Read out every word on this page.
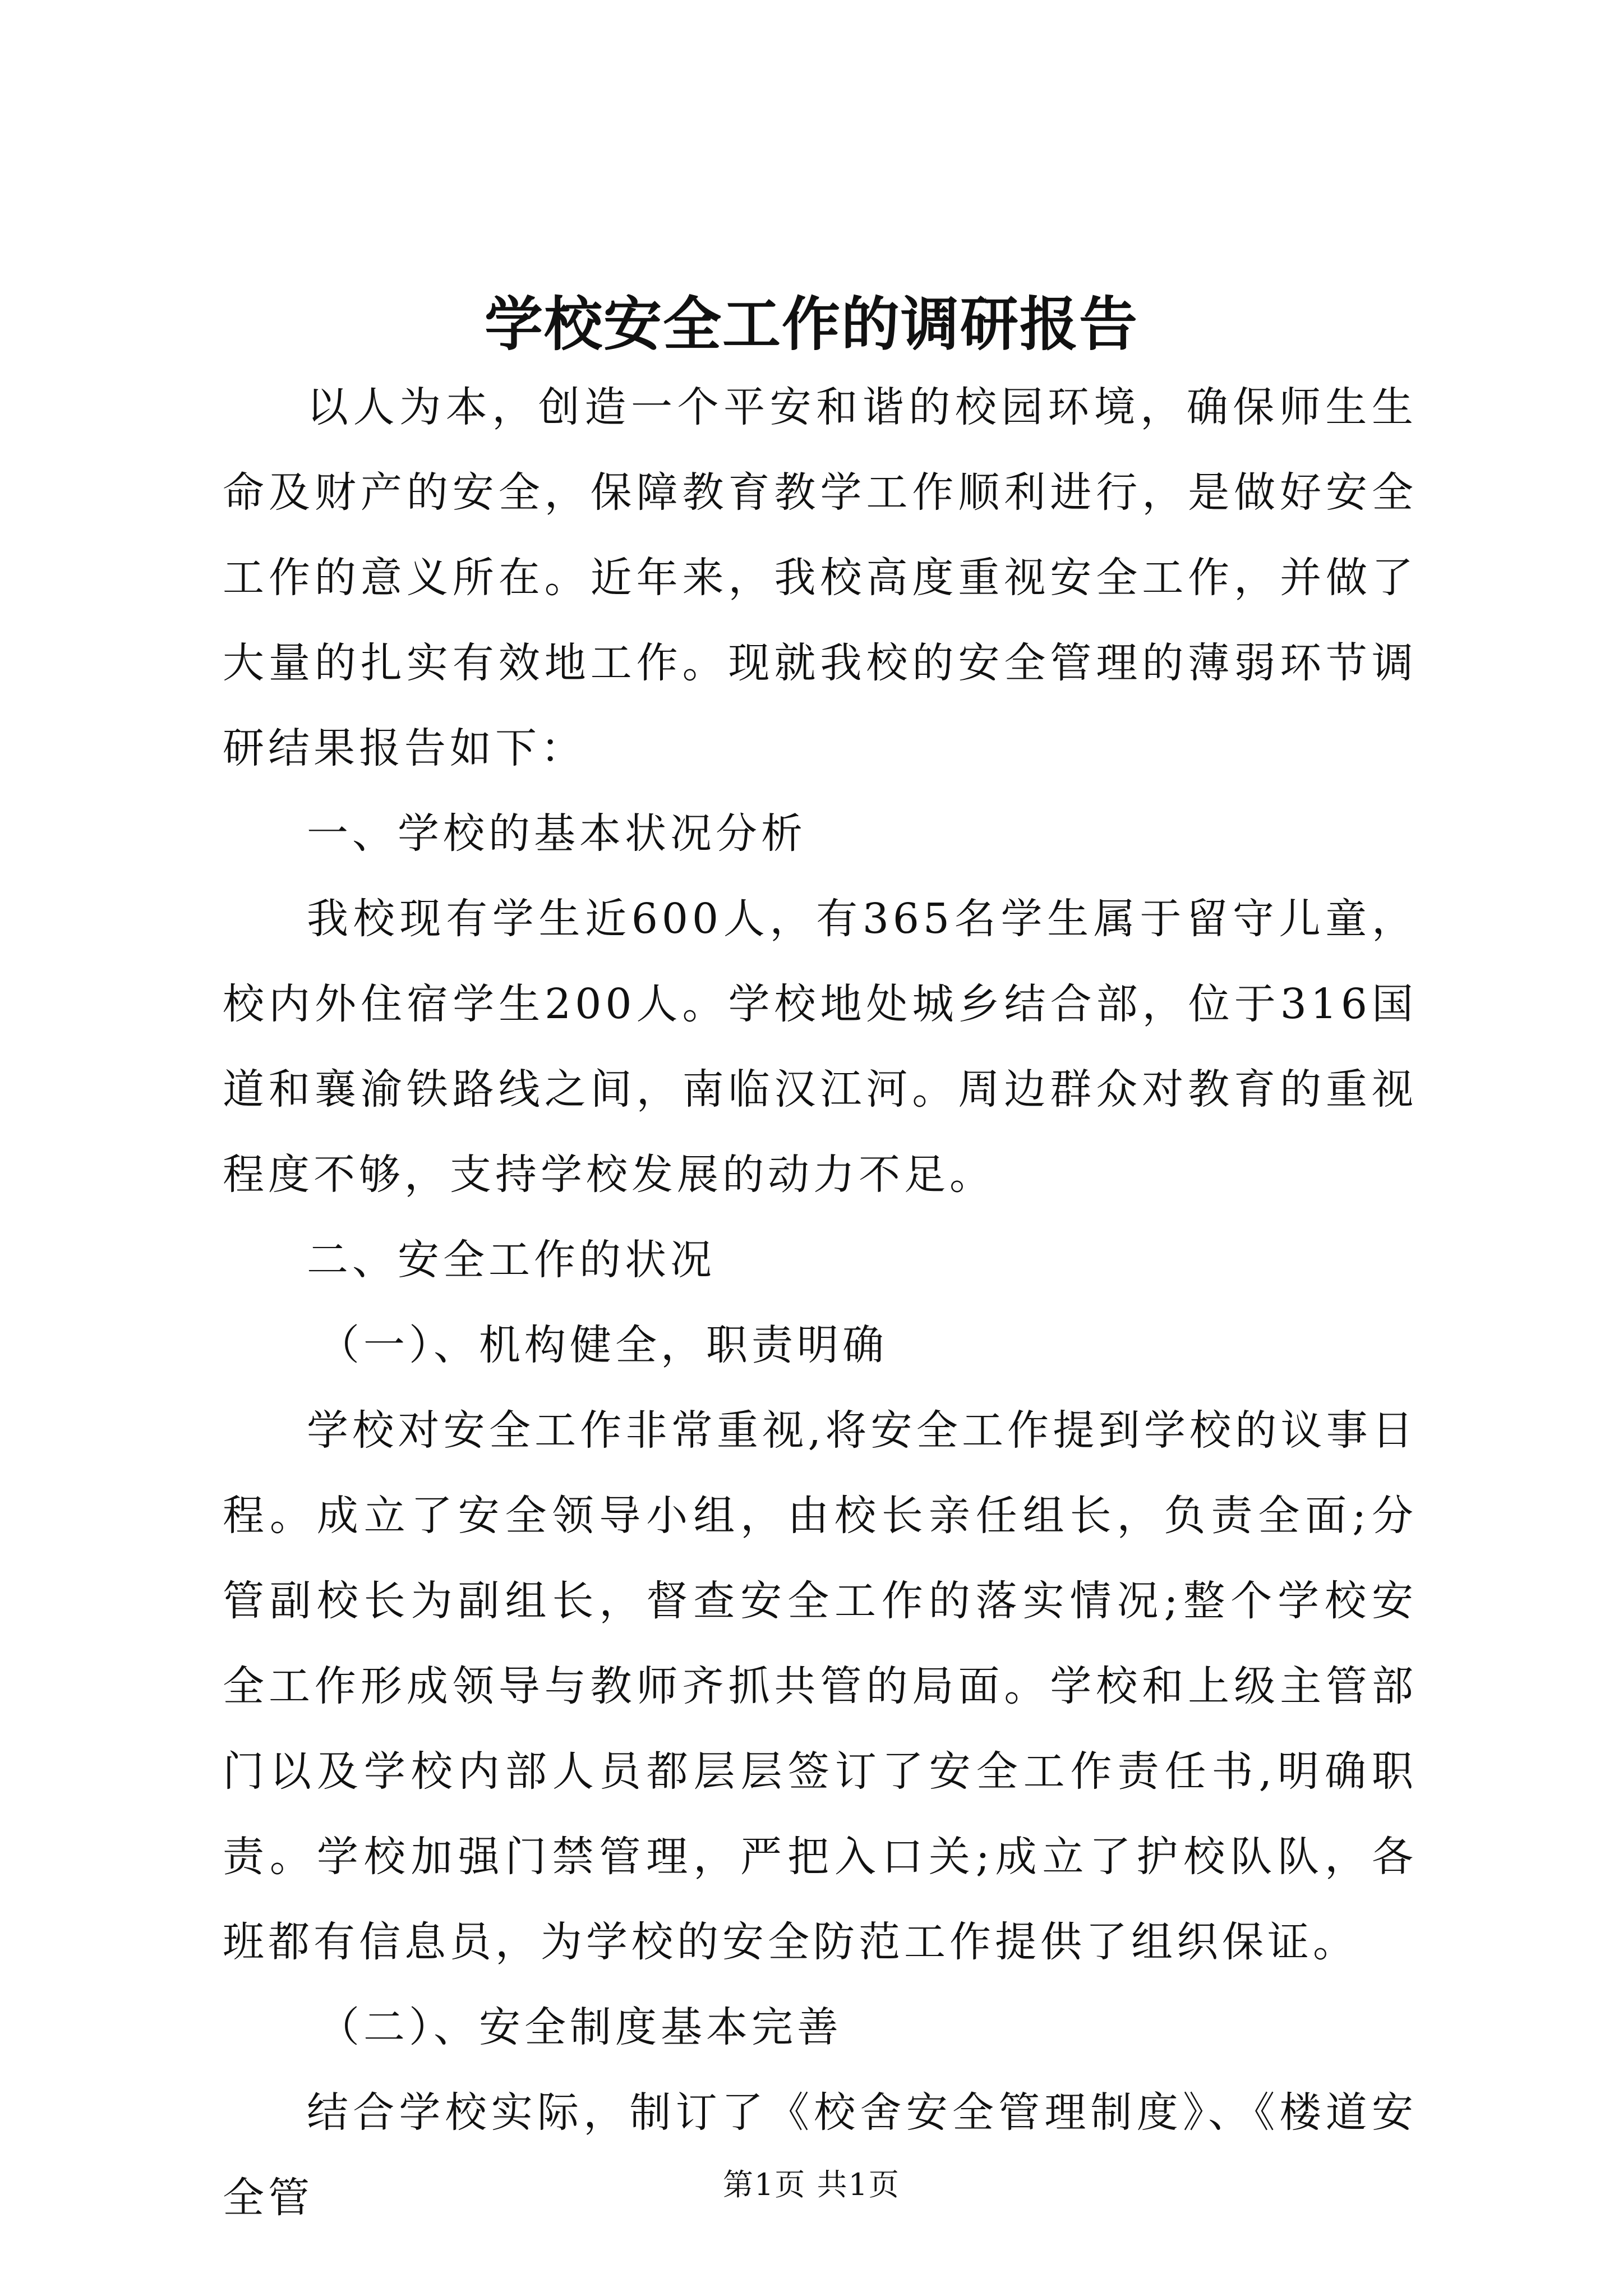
学校安全工作的调研报告

以人为本，创造一个平安和谐的校园环境，确保师生生命及财产的安全，保障教育教学工作顺利进行，是做好安全工作的意义所在。近年来，我校高度重视安全工作，并做了大量的扎实有效地工作。现就我校的安全管理的薄弱环节调研结果报告如下：

一、学校的基本状况分析

我校现有学生近600人，有365名学生属于留守儿童，校内外住宿学生200人。学校地处城乡结合部，位于316国道和襄渝铁路线之间，南临汉江河。周边群众对教育的重视程度不够，支持学校发展的动力不足。

二、安全工作的状况

（一）、机构健全，职责明确

学校对安全工作非常重视,将安全工作提到学校的议事日程。成立了安全领导小组，由校长亲任组长，负责全面;分管副校长为副组长，督查安全工作的落实情况;整个学校安全工作形成领导与教师齐抓共管的局面。学校和上级主管部门以及学校内部人员都层层签订了安全工作责任书,明确职责。学校加强门禁管理，严把入口关;成立了护校队队，各班都有信息员，为学校的安全防范工作提供了组织保证。

（二）、安全制度基本完善

结合学校实际，制订了《校舍安全管理制度》、《楼道安全管	第1页 共1页
